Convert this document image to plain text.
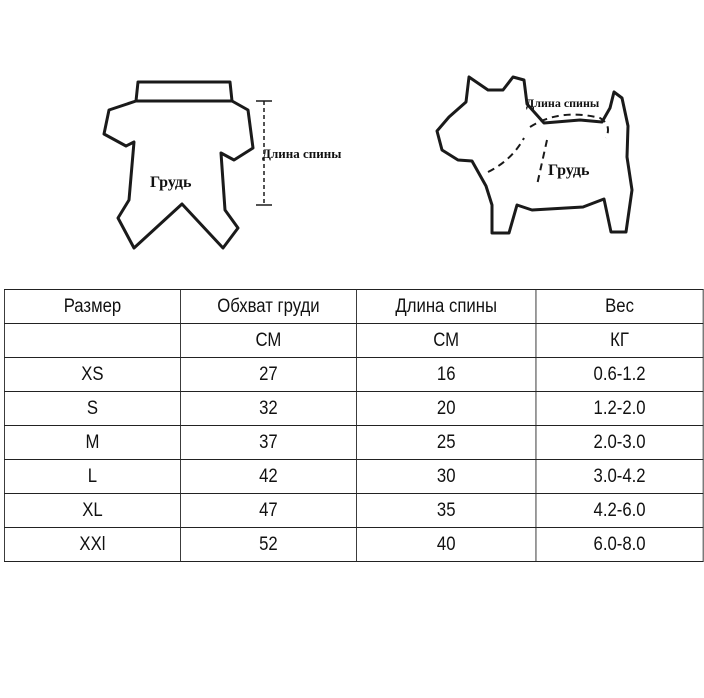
Грудь
Длина спины
Длина спины
Грудь
Размер	Обхват груди	Длина спины	Вес
	СМ	СМ	КГ
XS	27	16	0.6-1.2
S	32	20	1.2-2.0
M	37	25	2.0-3.0
L	42	30	3.0-4.2
XL	47	35	4.2-6.0
XXl	52	40	6.0-8.0
